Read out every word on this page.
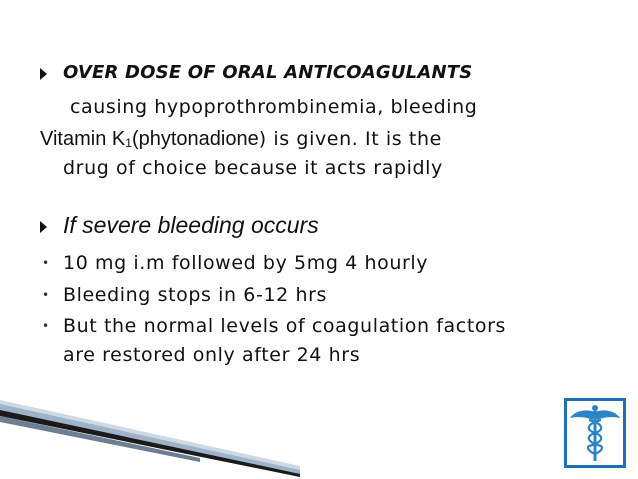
OVER DOSE OF ORAL ANTICOAGULANTS
causing hypoprothrombinemia, bleeding
Vitamin K₁(phytonadione) is given. It is the
drug of choice because it acts rapidly
If severe bleeding occurs
• 10 mg i.m followed by 5mg 4 hourly
• Bleeding stops in 6-12 hrs
• But the normal levels of coagulation factors
are restored only after 24 hrs
